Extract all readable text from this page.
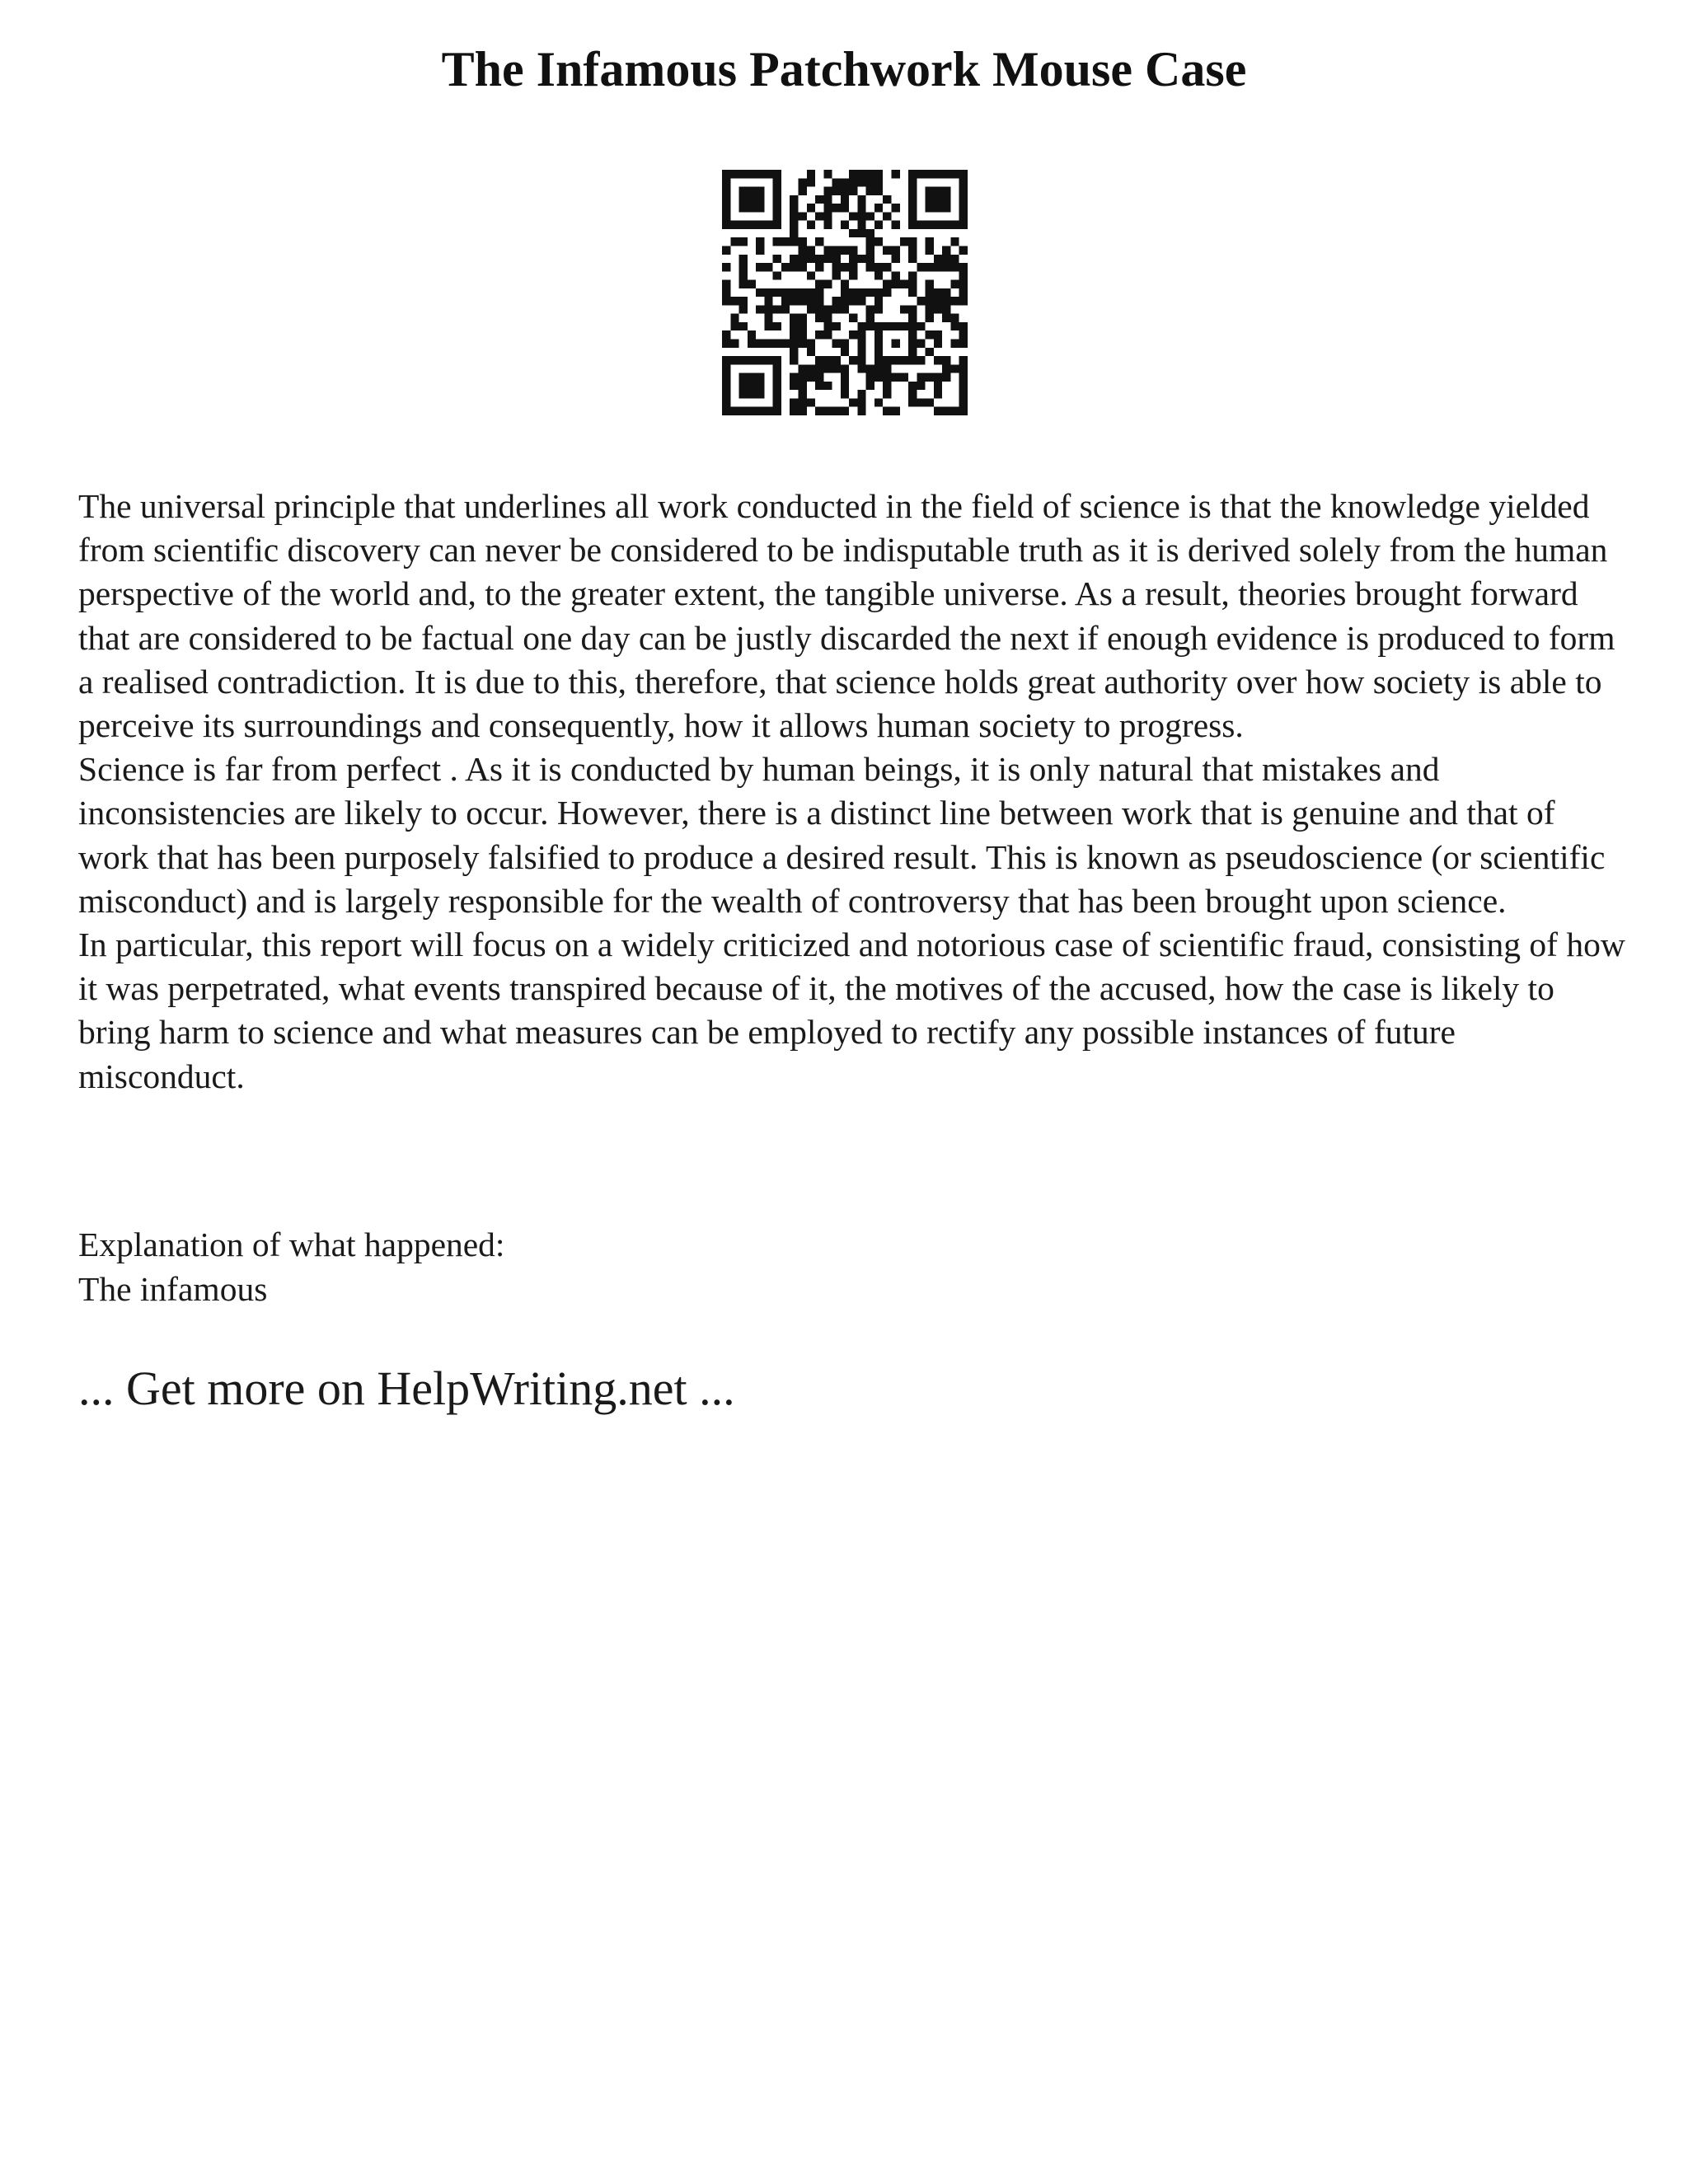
The Infamous Patchwork Mouse Case

The universal principle that underlines all work conducted in the field of science is that the knowledge yielded from scientific discovery can never be considered to be indisputable truth as it is derived solely from the human perspective of the world and, to the greater extent, the tangible universe. As a result, theories brought forward that are considered to be factual one day can be justly discarded the next if enough evidence is produced to form a realised contradiction. It is due to this, therefore, that science holds great authority over how society is able to perceive its surroundings and consequently, how it allows human society to progress.

Science is far from perfect . As it is conducted by human beings, it is only natural that mistakes and inconsistencies are likely to occur. However, there is a distinct line between work that is genuine and that of work that has been purposely falsified to produce a desired result. This is known as pseudoscience (or scientific misconduct) and is largely responsible for the wealth of controversy that has been brought upon science.

In particular, this report will focus on a widely criticized and notorious case of scientific fraud, consisting of how it was perpetrated, what events transpired because of it, the motives of the accused, how the case is likely to bring harm to science and what measures can be employed to rectify any possible instances of future misconduct.

Explanation of what happened:

The infamous

... Get more on HelpWriting.net ...
